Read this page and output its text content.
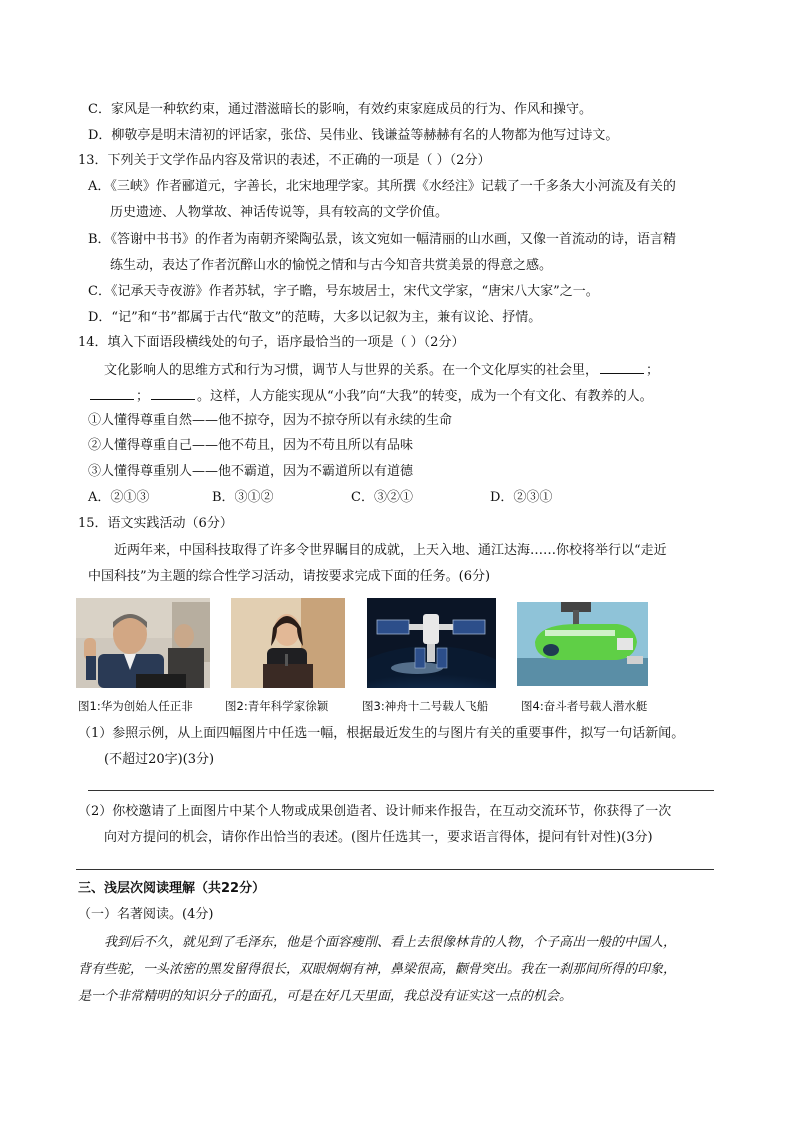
C．家风是一种软约束，通过潜滋暗长的影响，有效约束家庭成员的行为、作风和操守。
D．柳敬亭是明末清初的评话家，张岱、吴伟业、钱谦益等赫赫有名的人物都为他写过诗文。
13．下列关于文学作品内容及常识的表述，不正确的一项是（ ）（2分）
A．《三峡》作者郦道元，字善长，北宋地理学家。其所撰《水经注》记载了一千多条大小河流及有关的
历史遗迹、人物掌故、神话传说等，具有较高的文学价值。
B．《答谢中书书》的作者为南朝齐梁陶弘景，该文宛如一幅清丽的山水画，又像一首流动的诗，语言精
练生动，表达了作者沉醉山水的愉悦之情和与古今知音共赏美景的得意之感。
C．《记承天寺夜游》作者苏轼，字子瞻，号东坡居士，宋代文学家，“唐宋八大家”之一。
D．“记”和“书”都属于古代“散文”的范畴，大多以记叙为主，兼有议论、抒情。
14．填入下面语段横线处的句子，语序最恰当的一项是（ ）（2分）
文化影响人的思维方式和行为习惯，调节人与世界的关系。在一个文化厚实的社会里，	；
；	。这样，人方能实现从“小我”向“大我”的转变，成为一个有文化、有教养的人。
①人懂得尊重自然——他不掠夺，因为不掠夺所以有永续的生命
②人懂得尊重自己——他不苟且，因为不苟且所以有品味
③人懂得尊重别人——他不霸道，因为不霸道所以有道德
A．②①③	B．③①②	C．③②①	D．②③①
15．语文实践活动（6分）
近两年来，中国科技取得了许多令世界瞩目的成就，上天入地、通江达海……你校将举行以“走近
中国科技”为主题的综合性学习活动，请按要求完成下面的任务。(6分)
图1:华为创始人任正非	图2:青年科学家徐颖	图3:神舟十二号载人飞船	图4:奋斗者号载人潜水艇
（1）参照示例，从上面四幅图片中任选一幅，根据最近发生的与图片有关的重要事件，拟写一句话新闻。
(不超过20字)(3分)
（2）你校邀请了上面图片中某个人物或成果创造者、设计师来作报告，在互动交流环节，你获得了一次
向对方提问的机会，请你作出恰当的表述。(图片任选其一，要求语言得体，提问有针对性)(3分)
三、浅层次阅读理解（共22分）
（一）名著阅读。(4分)
我到后不久，就见到了毛泽东，他是个面容瘦削、看上去很像林肯的人物，个子高出一般的中国人，
背有些驼，一头浓密的黑发留得很长，双眼炯炯有神，鼻梁很高，颧骨突出。我在一刹那间所得的印象，
是一个非常精明的知识分子的面孔，可是在好几天里面，我总没有证实这一点的机会。
